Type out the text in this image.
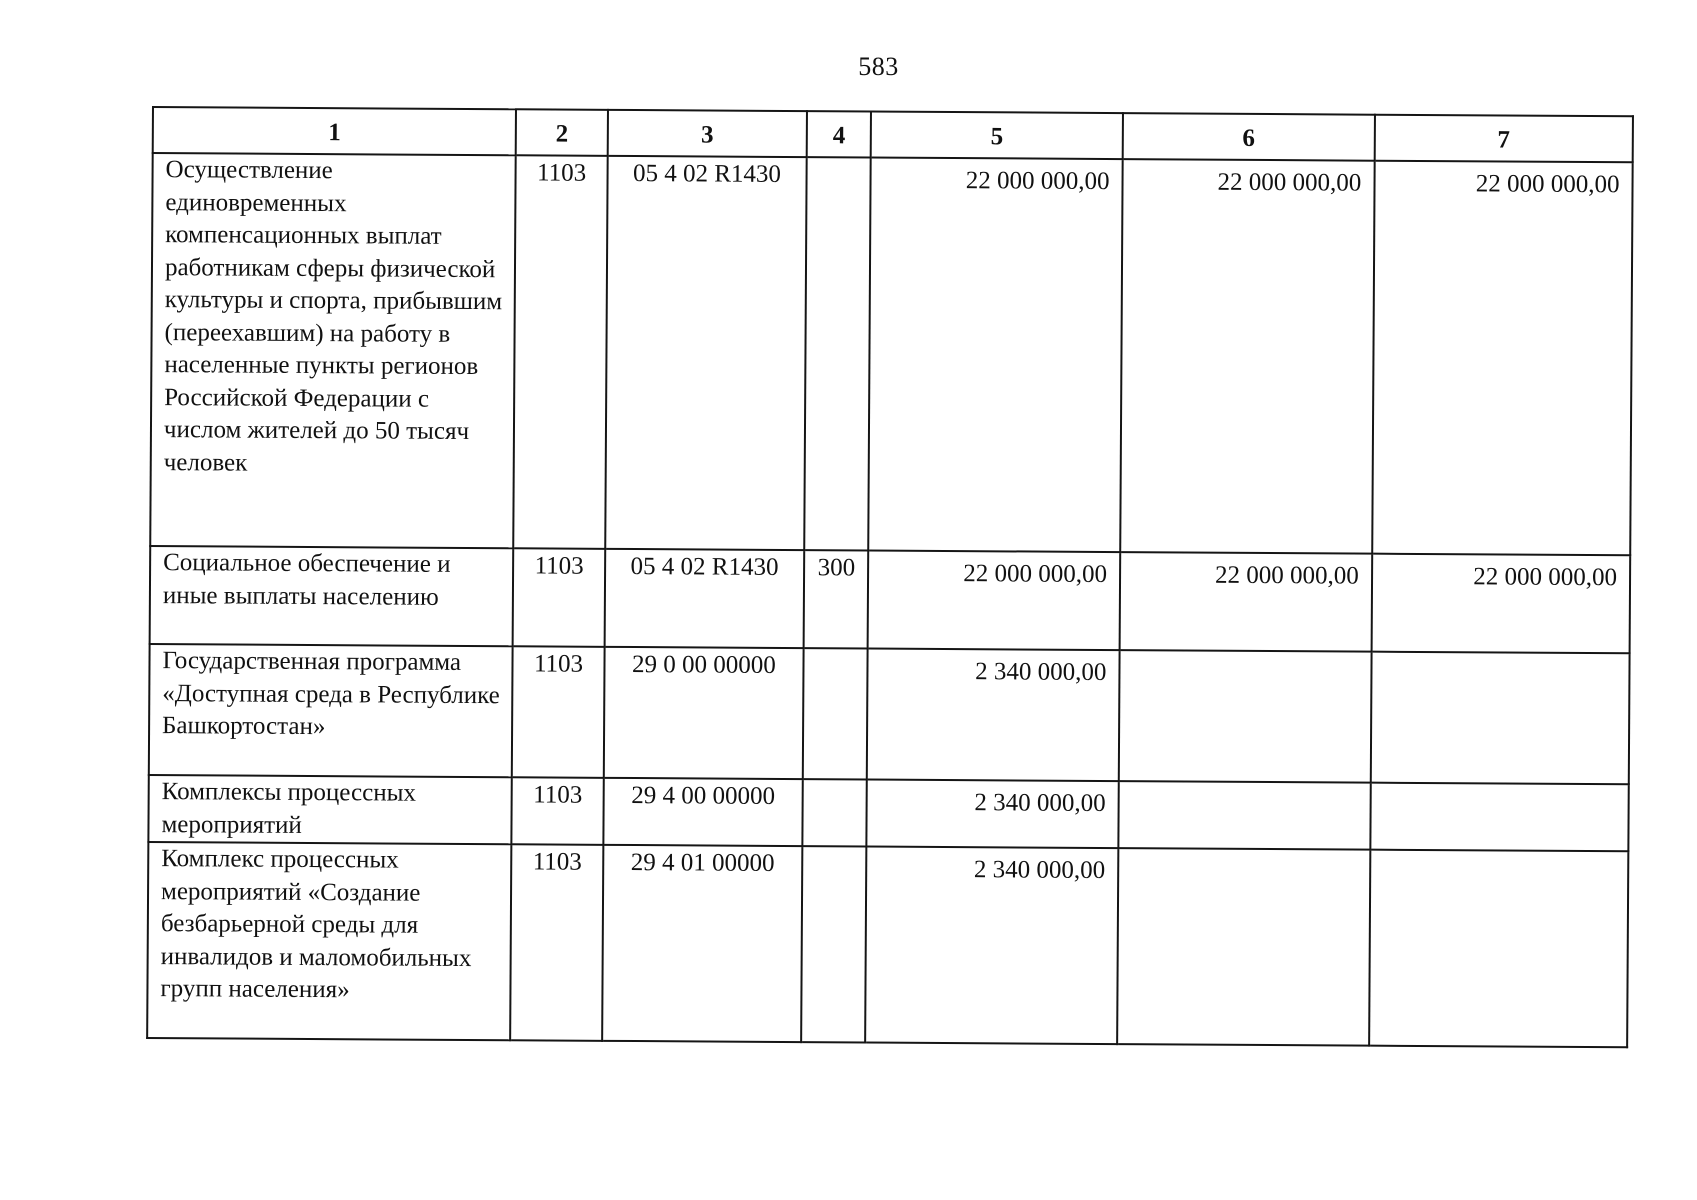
583
1	2	3	4	5	6	7
Осуществление единовременных компенсационных выплат работникам сферы физической культуры и спорта, прибывшим (переехавшим) на работу в населенные пункты регионов Российской Федерации с числом жителей до 50 тысяч человек	1103	05 4 02 R1430		22 000 000,00	22 000 000,00	22 000 000,00
Социальное обеспечение и иные выплаты населению	1103	05 4 02 R1430	300	22 000 000,00	22 000 000,00	22 000 000,00
Государственная программа «Доступная среда в Республике Башкортостан»	1103	29 0 00 00000		2 340 000,00		
Комплексы процессных мероприятий	1103	29 4 00 00000		2 340 000,00		
Комплекс процессных мероприятий «Создание безбарьерной среды для инвалидов и маломобильных групп населения»	1103	29 4 01 00000		2 340 000,00		
